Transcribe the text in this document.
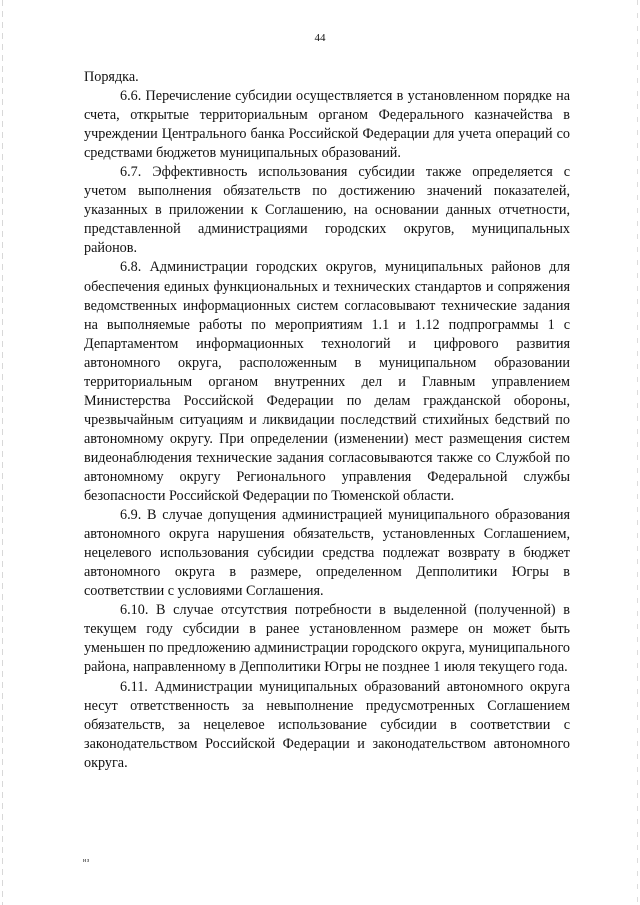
44

Порядка.

6.6. Перечисление субсидии осуществляется в установленном порядке на счета, открытые территориальным органом Федерального казначейства в учреждении Центрального банка Российской Федерации для учета операций со средствами бюджетов муниципальных образований.

6.7. Эффективность использования субсидии также определяется с учетом выполнения обязательств по достижению значений показателей, указанных в приложении к Соглашению, на основании данных отчетности, представленной администрациями городских округов, муниципальных районов.

6.8. Администрации городских округов, муниципальных районов для обеспечения единых функциональных и технических стандартов и сопряжения ведомственных информационных систем согласовывают технические задания на выполняемые работы по мероприятиям 1.1 и 1.12 подпрограммы 1 с Департаментом информационных технологий и цифрового развития автономного округа, расположенным в муниципальном образовании территориальным органом внутренних дел и Главным управлением Министерства Российской Федерации по делам гражданской обороны, чрезвычайным ситуациям и ликвидации последствий стихийных бедствий по автономному округу. При определении (изменении) мест размещения систем видеонаблюдения технические задания согласовываются также со Службой по автономному округу Регионального управления Федеральной службы безопасности Российской Федерации по Тюменской области.

6.9. В случае допущения администрацией муниципального образования автономного округа нарушения обязательств, установленных Соглашением, нецелевого использования субсидии средства подлежат возврату в бюджет автономного округа в размере, определенном Депполитики Югры в соответствии с условиями Соглашения.

6.10. В случае отсутствия потребности в выделенной (полученной) в текущем году субсидии в ранее установленном размере он может быть уменьшен по предложению администрации городского округа, муниципального района, направленному в Депполитики Югры не позднее 1 июля текущего года.

6.11. Администрации муниципальных образований автономного округа несут ответственность за невыполнение предусмотренных Соглашением обязательств, за нецелевое использование субсидии в соответствии с законодательством Российской Федерации и законодательством автономного округа.

нз
